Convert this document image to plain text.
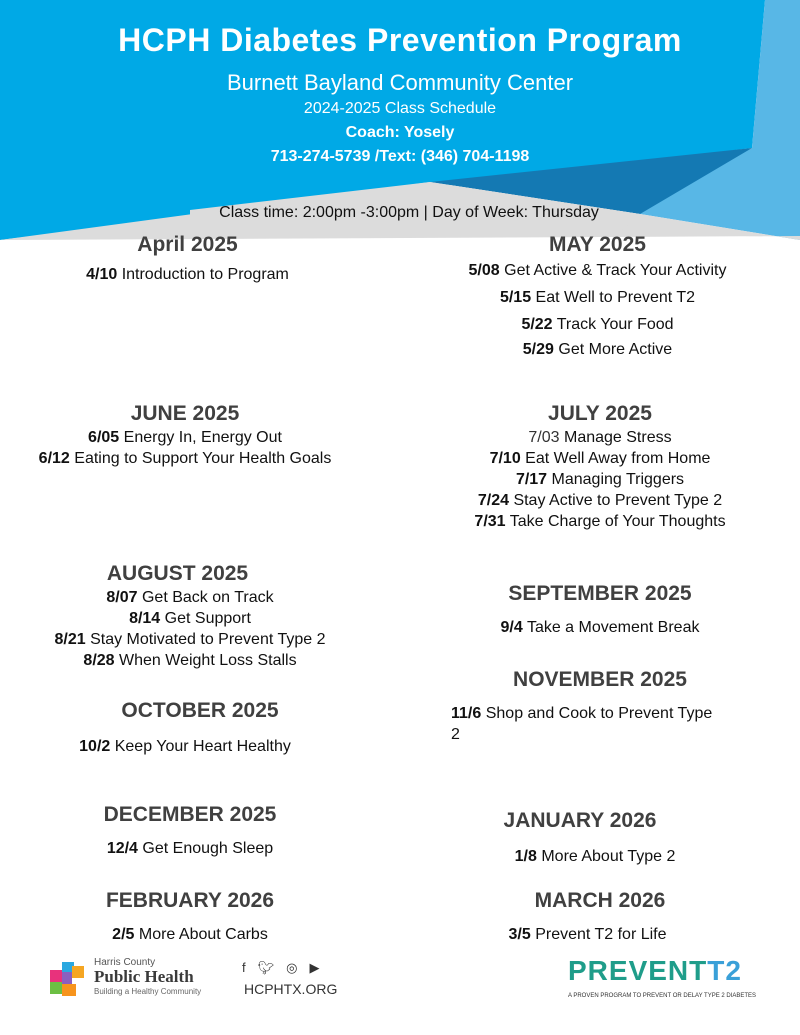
HCPH Diabetes Prevention Program
Burnett Bayland Community Center
2024-2025 Class Schedule
Coach: Yosely
713-274-5739 /Text: (346) 704-1198
Class time: 2:00pm -3:00pm | Day of Week: Thursday
April 2025
4/10 Introduction to Program
MAY 2025
5/08 Get Active & Track Your Activity
5/15 Eat Well to Prevent T2
5/22 Track Your Food
5/29 Get More Active
JUNE 2025
6/05 Energy In, Energy Out
6/12 Eating to Support Your Health Goals
JULY 2025
7/03 Manage Stress
7/10 Eat Well Away from Home
7/17 Managing Triggers
7/24 Stay Active to Prevent Type 2
7/31 Take Charge of Your Thoughts
AUGUST 2025
8/07 Get Back on Track
8/14 Get Support
8/21 Stay Motivated to Prevent Type 2
8/28 When Weight Loss Stalls
SEPTEMBER 2025
9/4 Take a Movement Break
NOVEMBER 2025
11/6 Shop and Cook to Prevent Type 2
OCTOBER 2025
10/2 Keep Your Heart Healthy
DECEMBER 2025
12/4 Get Enough Sleep
JANUARY 2026
1/8 More About Type 2
FEBRUARY 2026
2/5 More About Carbs
MARCH 2026
3/5 Prevent T2 for Life
Harris County
Public Health
Building a Healthy Community
f 🐦︎ ◎ ▶
HCPHTX.ORG
PREVENTT2
A PROVEN PROGRAM TO PREVENT OR DELAY TYPE 2 DIABETES
